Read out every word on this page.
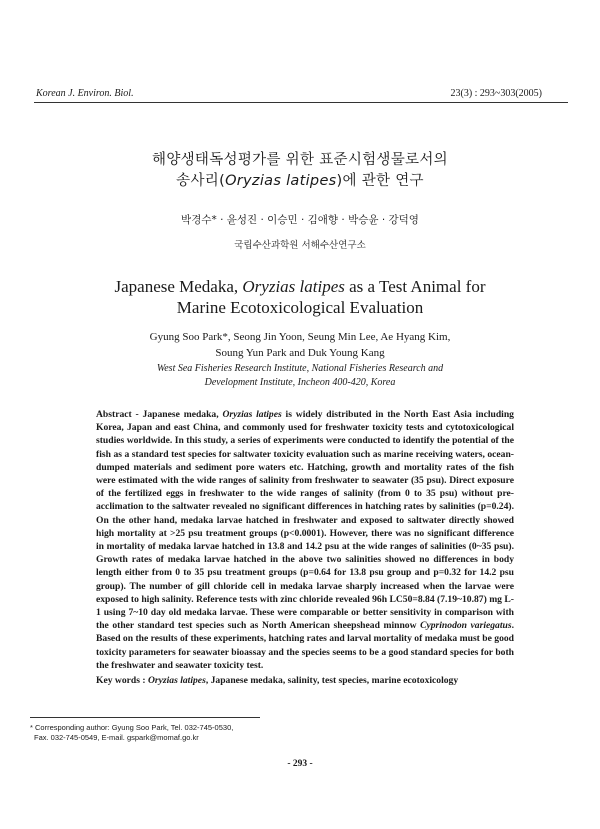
Korean J. Environ. Biol.	23(3) : 293~303(2005)
해양생태독성평가를 위한 표준시험생물로서의
송사리(Oryzias latipes)에 관한 연구
박경수* · 윤성진 · 이승민 · 김애향 · 박승윤 · 강덕영
국립수산과학원 서해수산연구소
Japanese Medaka, Oryzias latipes as a Test Animal for
Marine Ecotoxicological Evaluation
Gyung Soo Park*, Seong Jin Yoon, Seung Min Lee, Ae Hyang Kim,
Soung Yun Park and Duk Young Kang
West Sea Fisheries Research Institute, National Fisheries Research and
Development Institute, Incheon 400-420, Korea
Abstract - Japanese medaka, Oryzias latipes is widely distributed in the North East Asia including Korea, Japan and east China, and commonly used for freshwater toxicity tests and cytotoxicological studies worldwide. In this study, a series of experiments were conducted to identify the potential of the fish as a standard test species for saltwater toxicity evaluation such as marine receiving waters, ocean-dumped materials and sediment pore waters etc. Hatching, growth and mortality rates of the fish were estimated with the wide ranges of salinity from freshwater to seawater (35 psu). Direct exposure of the fertilized eggs in freshwater to the wide ranges of salinity (from 0 to 35 psu) without pre-acclimation to the saltwater revealed no significant differences in hatching rates by salinities (p=0.24). On the other hand, medaka larvae hatched in freshwater and exposed to saltwater directly showed high mortality at >25 psu treatment groups (p<0.0001). However, there was no significant difference in mortality of medaka larvae hatched in 13.8 and 14.2 psu at the wide ranges of salinities (0~35 psu). Growth rates of medaka larvae hatched in the above two salinities showed no differences in body length either from 0 to 35 psu treatment groups (p=0.64 for 13.8 psu group and p=0.32 for 14.2 psu group). The number of gill chloride cell in medaka larvae sharply increased when the larvae were exposed to high salinity. Reference tests with zinc chloride revealed 96h LC50=8.84 (7.19~10.87) mg L-1 using 7~10 day old medaka larvae. These were comparable or better sensitivity in comparison with the other standard test species such as North American sheepshead minnow Cyprinodon variegatus. Based on the results of these experiments, hatching rates and larval mortality of medaka must be good toxicity parameters for seawater bioassay and the species seems to be a good standard species for both the freshwater and seawater toxicity test.
Key words : Oryzias latipes, Japanese medaka, salinity, test species, marine ecotoxicology
* Corresponding author: Gyung Soo Park, Tel. 032-745-0530,
Fax. 032-745-0549, E-mail. gspark@momaf.go.kr
- 293 -
